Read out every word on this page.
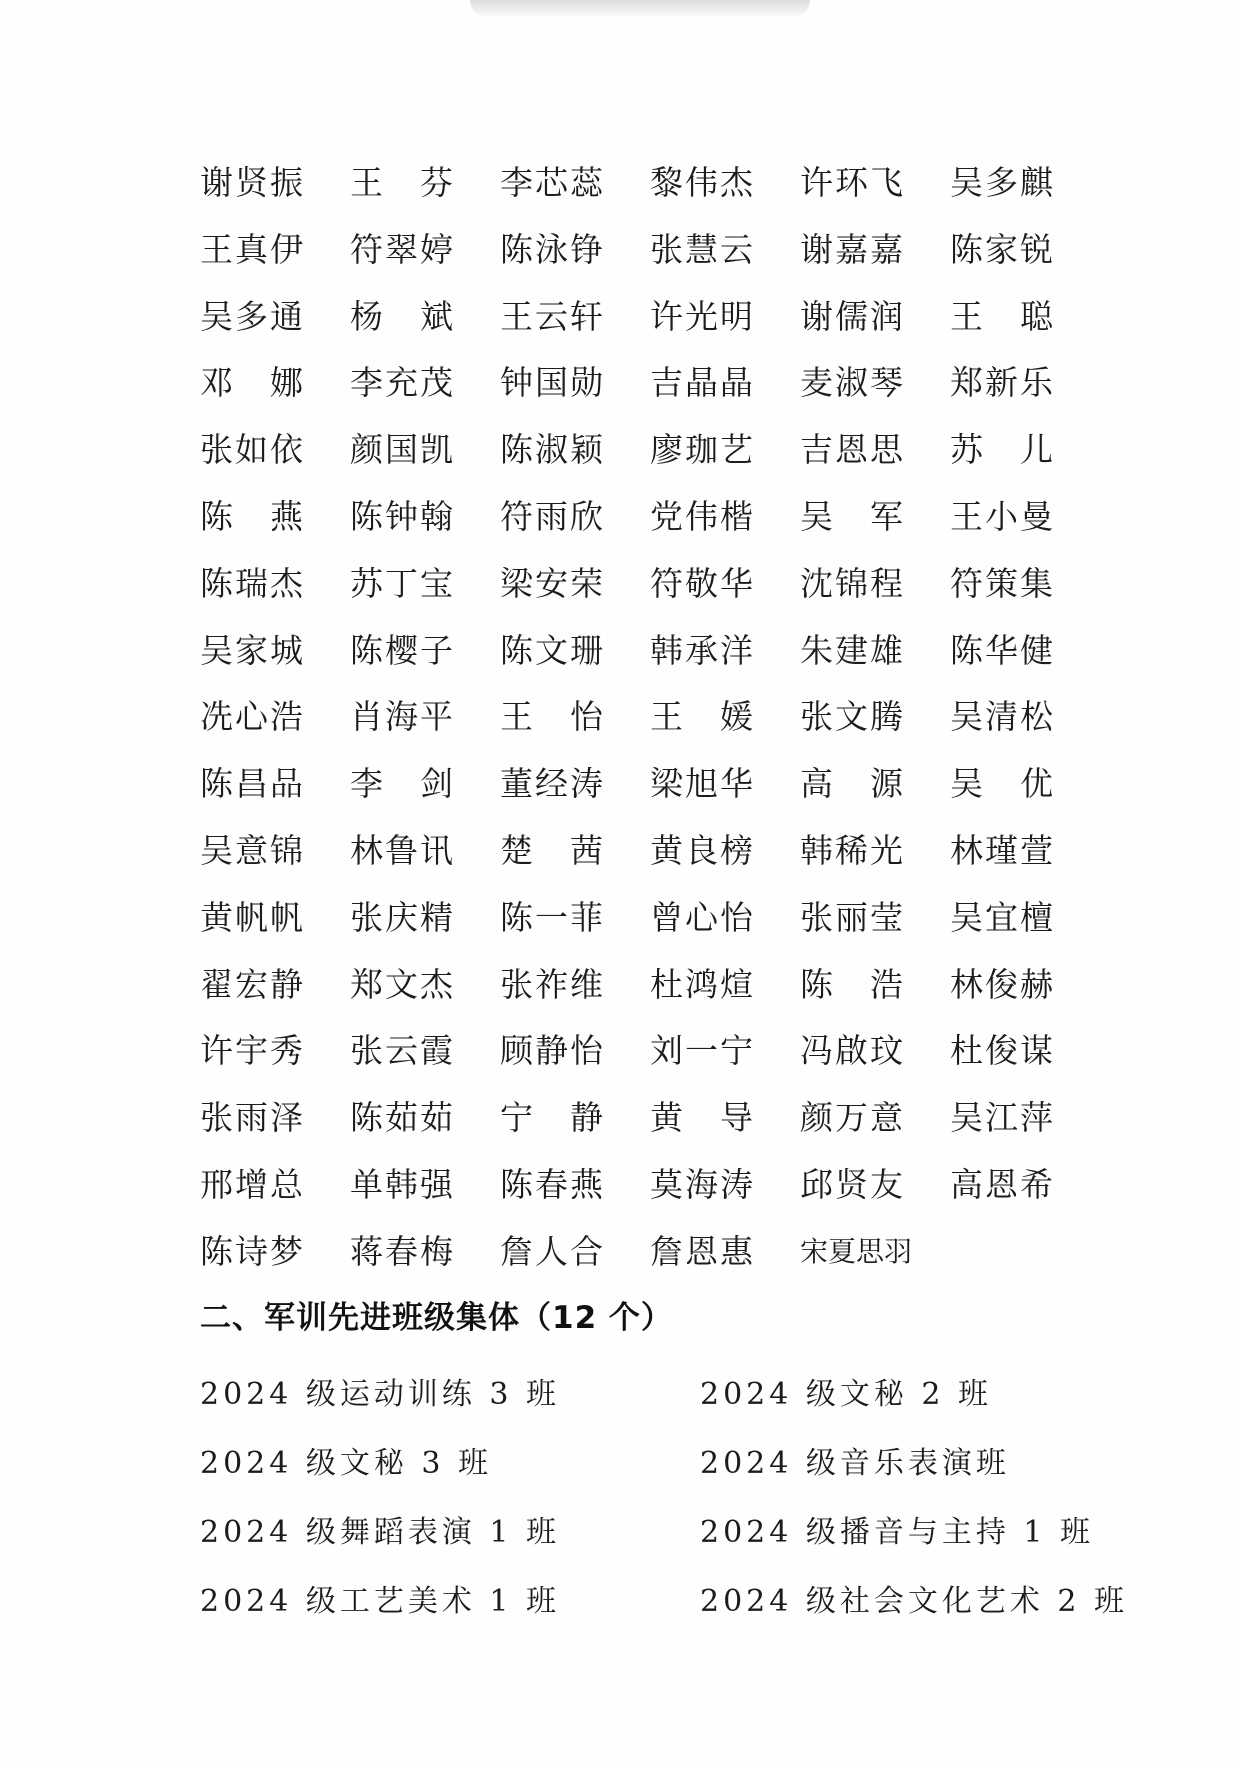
谢贤振	王　芬	李芯蕊	黎伟杰	许环飞	吴多麒
王真伊	符翠婷	陈泳铮	张慧云	谢嘉嘉	陈家锐
吴多通	杨　斌	王云轩	许光明	谢儒润	王　聪
邓　娜	李充茂	钟国勋	吉晶晶	麦淑琴	郑新乐
张如依	颜国凯	陈淑颖	廖珈艺	吉恩思	苏　儿
陈　燕	陈钟翰	符雨欣	党伟楷	吴　军	王小曼
陈瑞杰	苏丁宝	梁安荣	符敬华	沈锦程	符策集
吴家城	陈樱子	陈文珊	韩承洋	朱建雄	陈华健
冼心浩	肖海平	王　怡	王　媛	张文腾	吴清松
陈昌品	李　剑	董经涛	梁旭华	高　源	吴　优
吴意锦	林鲁讯	楚　茜	黄良榜	韩稀光	林瑾萱
黄帆帆	张庆精	陈一菲	曾心怡	张丽莹	吴宜檀
翟宏静	郑文杰	张祚维	杜鸿煊	陈　浩	林俊赫
许宇秀	张云霞	顾静怡	刘一宁	冯啟玟	杜俊谋
张雨泽	陈茹茹	宁　静	黄　导	颜万意	吴江萍
邢增总	单韩强	陈春燕	莫海涛	邱贤友	高恩希
陈诗梦	蒋春梅	詹人合	詹恩惠	宋夏思羽
二、军训先进班级集体（12 个）
2024 级运动训练 3 班	2024 级文秘 2 班
2024 级文秘 3 班	2024 级音乐表演班
2024 级舞蹈表演 1 班	2024 级播音与主持 1 班
2024 级工艺美术 1 班	2024 级社会文化艺术 2 班
